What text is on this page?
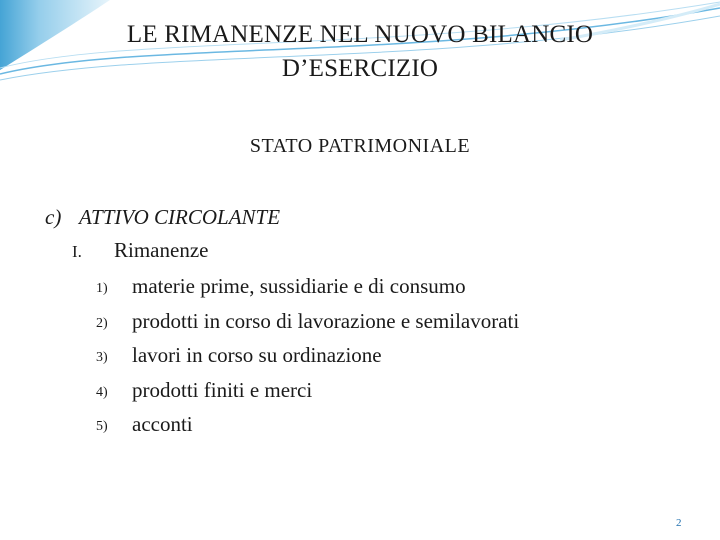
LE RIMANENZE NEL NUOVO BILANCIO
D’ESERCIZIO
STATO PATRIMONIALE
c) ATTIVO CIRCOLANTE
I. Rimanenze
1) materie prime, sussidiarie e di consumo
2) prodotti in corso di lavorazione e semilavorati
3) lavori in corso su ordinazione
4) prodotti finiti e merci
5) acconti
2
